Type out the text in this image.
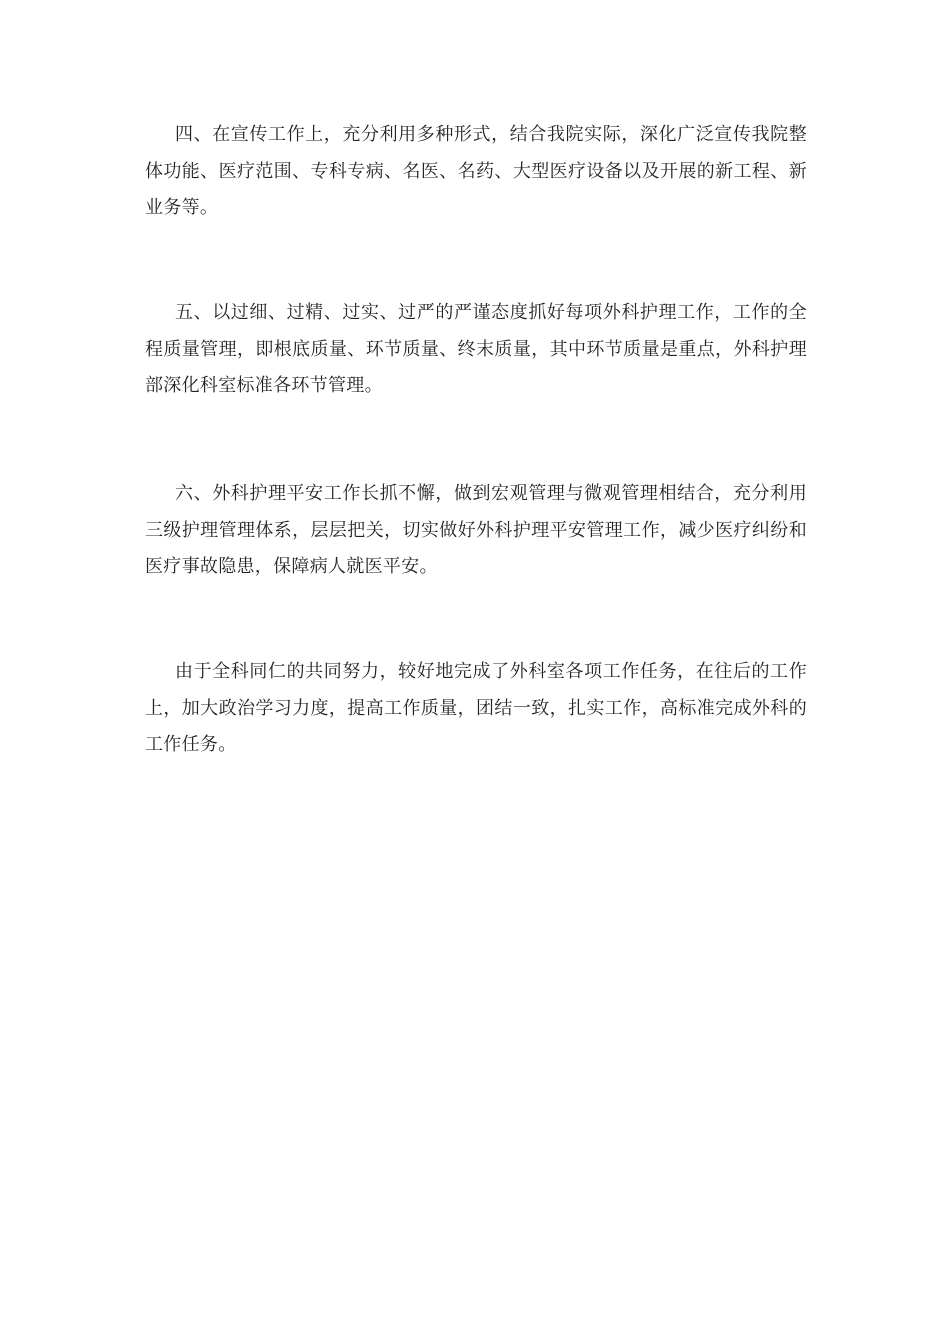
四、在宣传工作上，充分利用多种形式，结合我院实际，深化广泛宣传我院整体功能、医疗范围、专科专病、名医、名药、大型医疗设备以及开展的新工程、新业务等。

五、以过细、过精、过实、过严的严谨态度抓好每项外科护理工作，工作的全程质量管理，即根底质量、环节质量、终末质量，其中环节质量是重点，外科护理部深化科室标准各环节管理。

六、外科护理平安工作长抓不懈，做到宏观管理与微观管理相结合，充分利用三级护理管理体系，层层把关，切实做好外科护理平安管理工作，减少医疗纠纷和医疗事故隐患，保障病人就医平安。

由于全科同仁的共同努力，较好地完成了外科室各项工作任务，在往后的工作上，加大政治学习力度，提高工作质量，团结一致，扎实工作，高标准完成外科的工作任务。
